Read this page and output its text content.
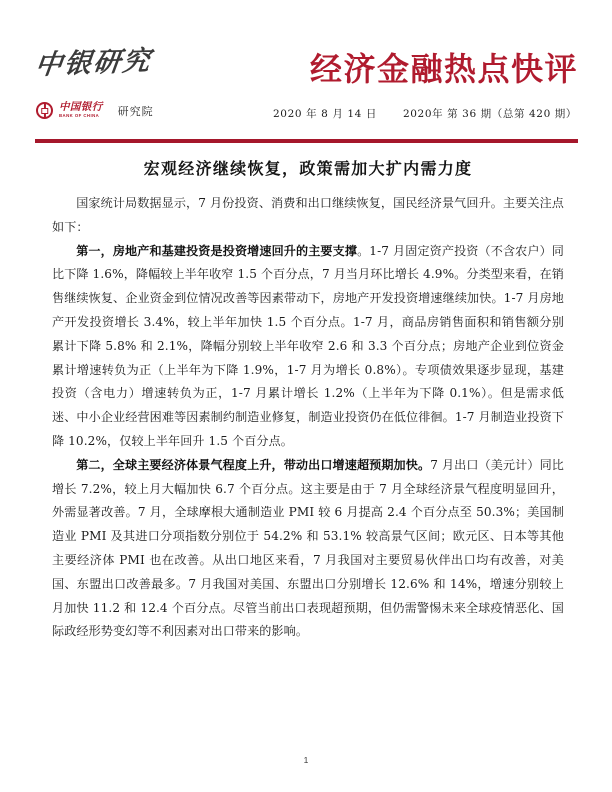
中银研究
中国银行
BANK OF CHINA	研究院
经济金融热点快评
2020 年 8 月 14 日 2020年 第 36 期（总第 420 期）
宏观经济继续恢复，政策需加大扩内需力度

国家统计局数据显示，7 月份投资、消费和出口继续恢复，国民经济景气回升。主要关注点如下：

第一，房地产和基建投资是投资增速回升的主要支撑。1-7 月固定资产投资（不含农户）同比下降 1.6%，降幅较上半年收窄 1.5 个百分点，7 月当月环比增长 4.9%。分类型来看，在销售继续恢复、企业资金到位情况改善等因素带动下，房地产开发投资增速继续加快。1-7 月房地产开发投资增长 3.4%，较上半年加快 1.5 个百分点。1-7 月，商品房销售面积和销售额分别累计下降 5.8% 和 2.1%，降幅分别较上半年收窄 2.6 和 3.3 个百分点；房地产企业到位资金累计增速转负为正（上半年为下降 1.9%，1-7 月为增长 0.8%）。专项债效果逐步显现，基建投资（含电力）增速转负为正，1-7 月累计增长 1.2%（上半年为下降 0.1%）。但是需求低迷、中小企业经营困难等因素制约制造业修复，制造业投资仍在低位徘徊。1-7 月制造业投资下降 10.2%，仅较上半年回升 1.5 个百分点。

第二，全球主要经济体景气程度上升，带动出口增速超预期加快。7 月出口（美元计）同比增长 7.2%，较上月大幅加快 6.7 个百分点。这主要是由于 7 月全球经济景气程度明显回升，外需显著改善。7 月，全球摩根大通制造业 PMI 较 6 月提高 2.4 个百分点至 50.3%；美国制造业 PMI 及其进口分项指数分别位于 54.2% 和 53.1% 较高景气区间；欧元区、日本等其他主要经济体 PMI 也在改善。从出口地区来看，7 月我国对主要贸易伙伴出口均有改善，对美国、东盟出口改善最多。7 月我国对美国、东盟出口分别增长 12.6% 和 14%，增速分别较上月加快 11.2 和 12.4 个百分点。尽管当前出口表现超预期，但仍需警惕未来全球疫情恶化、国际政经形势变幻等不利因素对出口带来的影响。

1
